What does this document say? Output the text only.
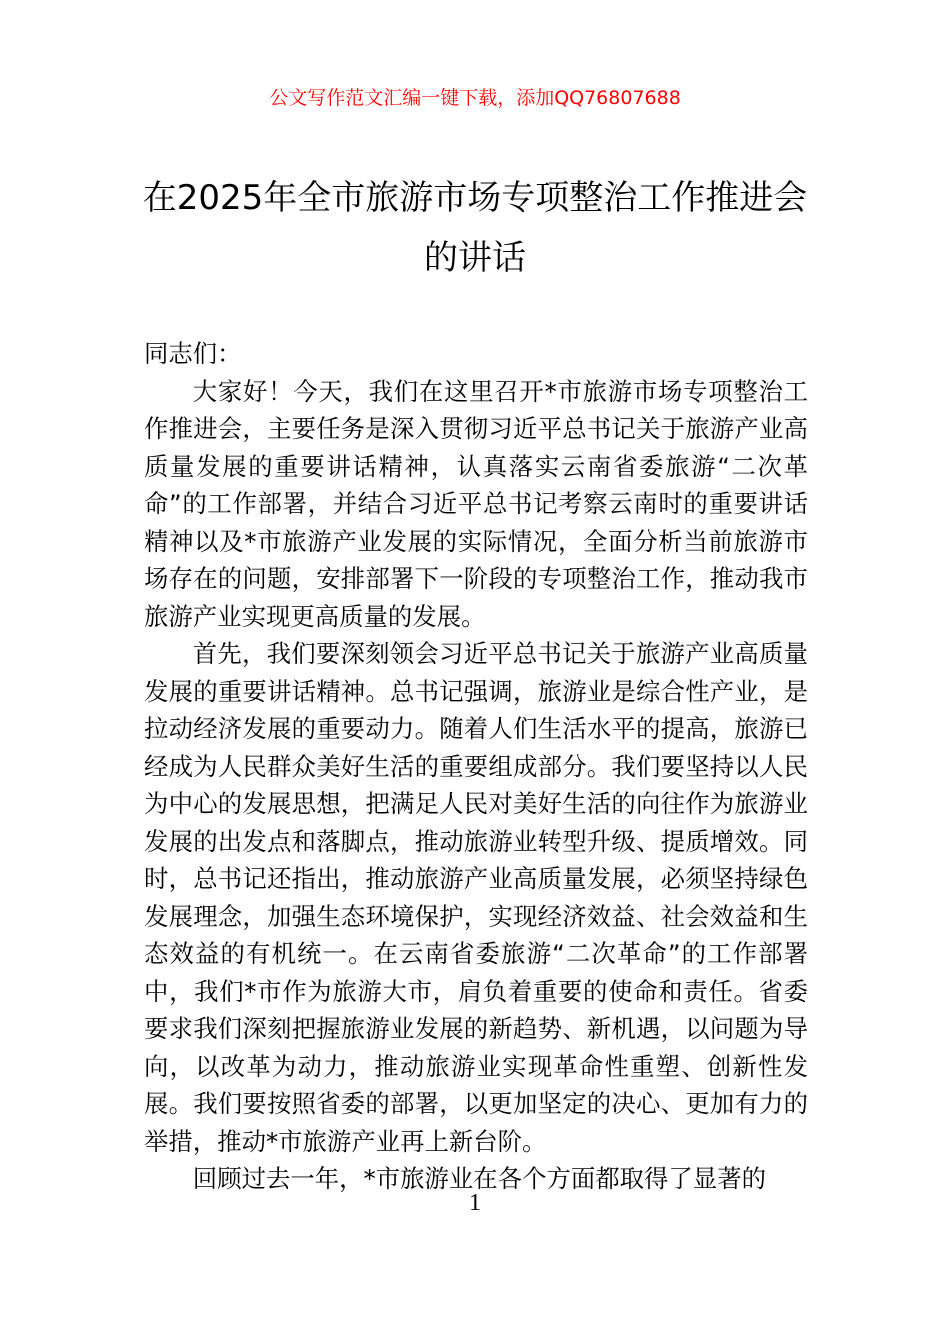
公文写作范文汇编一键下载，添加QQ76807688
在2025年全市旅游市场专项整治工作推进会的讲话

同志们：

大家好！今天，我们在这里召开*市旅游市场专项整治工作推进会，主要任务是深入贯彻习近平总书记关于旅游产业高质量发展的重要讲话精神，认真落实云南省委旅游“二次革命”的工作部署，并结合习近平总书记考察云南时的重要讲话精神以及*市旅游产业发展的实际情况，全面分析当前旅游市场存在的问题，安排部署下一阶段的专项整治工作，推动我市旅游产业实现更高质量的发展。

首先，我们要深刻领会习近平总书记关于旅游产业高质量发展的重要讲话精神。总书记强调，旅游业是综合性产业，是拉动经济发展的重要动力。随着人们生活水平的提高，旅游已经成为人民群众美好生活的重要组成部分。我们要坚持以人民为中心的发展思想，把满足人民对美好生活的向往作为旅游业发展的出发点和落脚点，推动旅游业转型升级、提质增效。同时，总书记还指出，推动旅游产业高质量发展，必须坚持绿色发展理念，加强生态环境保护，实现经济效益、社会效益和生态效益的有机统一。在云南省委旅游“二次革命”的工作部署中，我们*市作为旅游大市，肩负着重要的使命和责任。省委要求我们深刻把握旅游业发展的新趋势、新机遇，以问题为导向，以改革为动力，推动旅游业实现革命性重塑、创新性发展。我们要按照省委的部署，以更加坚定的决心、更加有力的举措，推动*市旅游产业再上新台阶。

回顾过去一年，*市旅游业在各个方面都取得了显著的

1
